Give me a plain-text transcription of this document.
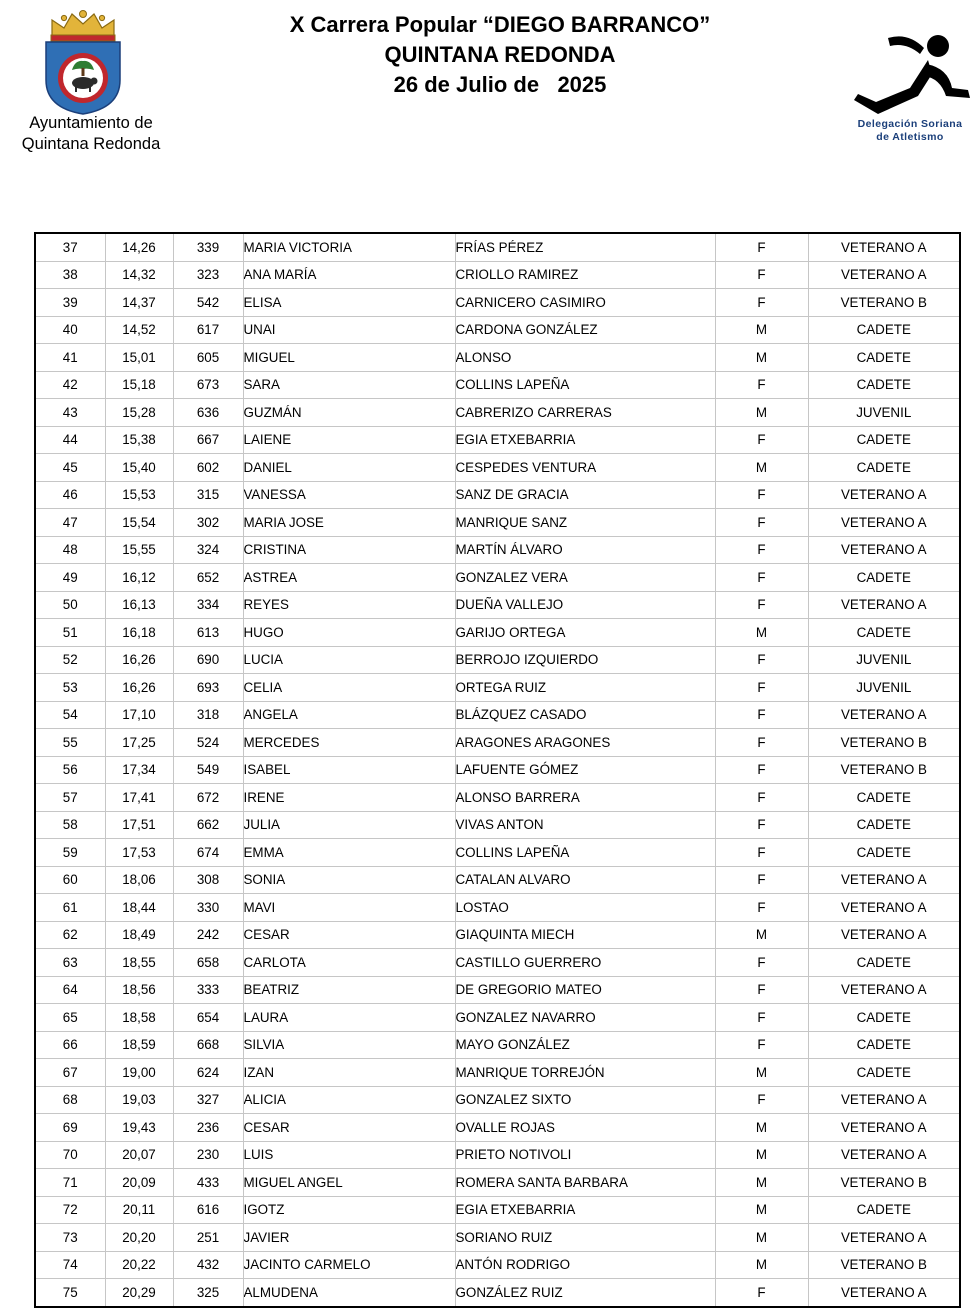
Ayuntamiento de
Quintana Redonda
X Carrera Popular “DIEGO BARRANCO”
QUINTANA REDONDA
26 de Julio de   2025
Delegación Soriana
de Atletismo
37	14,26	339	MARIA VICTORIA	FRÍAS PÉREZ	F	VETERANO A
38	14,32	323	ANA MARÍA	CRIOLLO RAMIREZ	F	VETERANO A
39	14,37	542	ELISA	CARNICERO CASIMIRO	F	VETERANO B
40	14,52	617	UNAI	CARDONA GONZÁLEZ	M	CADETE
41	15,01	605	MIGUEL	ALONSO	M	CADETE
42	15,18	673	SARA	COLLINS LAPEÑA	F	CADETE
43	15,28	636	GUZMÁN	CABRERIZO CARRERAS	M	JUVENIL
44	15,38	667	LAIENE	EGIA ETXEBARRIA	F	CADETE
45	15,40	602	DANIEL	CESPEDES VENTURA	M	CADETE
46	15,53	315	VANESSA	SANZ DE GRACIA	F	VETERANO A
47	15,54	302	MARIA JOSE	MANRIQUE SANZ	F	VETERANO A
48	15,55	324	CRISTINA	MARTÍN ÁLVARO	F	VETERANO A
49	16,12	652	ASTREA	GONZALEZ VERA	F	CADETE
50	16,13	334	REYES	DUEÑA VALLEJO	F	VETERANO A
51	16,18	613	HUGO	GARIJO ORTEGA	M	CADETE
52	16,26	690	LUCIA	BERROJO IZQUIERDO	F	JUVENIL
53	16,26	693	CELIA	ORTEGA RUIZ	F	JUVENIL
54	17,10	318	ANGELA	BLÁZQUEZ CASADO	F	VETERANO A
55	17,25	524	MERCEDES	ARAGONES ARAGONES	F	VETERANO B
56	17,34	549	ISABEL	LAFUENTE GÓMEZ	F	VETERANO B
57	17,41	672	IRENE	ALONSO BARRERA	F	CADETE
58	17,51	662	JULIA	VIVAS ANTON	F	CADETE
59	17,53	674	EMMA	COLLINS LAPEÑA	F	CADETE
60	18,06	308	SONIA	CATALAN ALVARO	F	VETERANO A
61	18,44	330	MAVI	LOSTAO	F	VETERANO A
62	18,49	242	CESAR	GIAQUINTA MIECH	M	VETERANO A
63	18,55	658	CARLOTA	CASTILLO GUERRERO	F	CADETE
64	18,56	333	BEATRIZ	DE GREGORIO MATEO	F	VETERANO A
65	18,58	654	LAURA	GONZALEZ NAVARRO	F	CADETE
66	18,59	668	SILVIA	MAYO GONZÁLEZ	F	CADETE
67	19,00	624	IZAN	MANRIQUE TORREJÓN	M	CADETE
68	19,03	327	ALICIA	GONZALEZ SIXTO	F	VETERANO A
69	19,43	236	CESAR	OVALLE ROJAS	M	VETERANO A
70	20,07	230	LUIS	PRIETO NOTIVOLI	M	VETERANO A
71	20,09	433	MIGUEL ANGEL	ROMERA SANTA BARBARA	M	VETERANO B
72	20,11	616	IGOTZ	EGIA ETXEBARRIA	M	CADETE
73	20,20	251	JAVIER	SORIANO RUIZ	M	VETERANO A
74	20,22	432	JACINTO CARMELO	ANTÓN RODRIGO	M	VETERANO B
75	20,29	325	ALMUDENA	GONZÁLEZ RUIZ	F	VETERANO A
